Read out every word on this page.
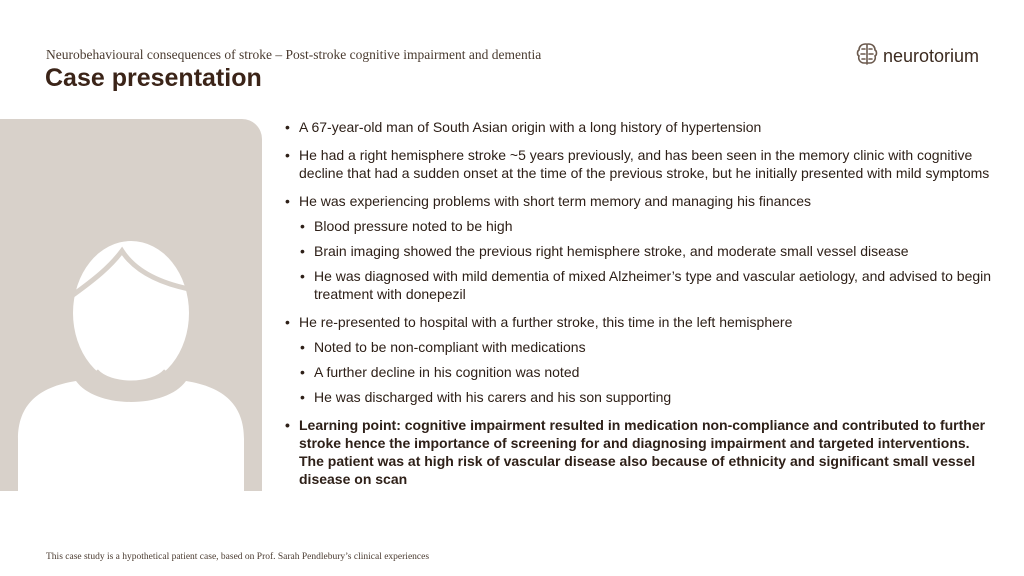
Neurobehavioural consequences of stroke – Post-stroke cognitive impairment and dementia
Case presentation
neurotorium
• A 67-year-old man of South Asian origin with a long history of hypertension
• He had a right hemisphere stroke ~5 years previously, and has been seen in the memory clinic with cognitive decline that had a sudden onset at the time of the previous stroke, but he initially presented with mild symptoms
• He was experiencing problems with short term memory and managing his finances
• Blood pressure noted to be high
• Brain imaging showed the previous right hemisphere stroke, and moderate small vessel disease
• He was diagnosed with mild dementia of mixed Alzheimer’s type and vascular aetiology, and advised to begin treatment with donepezil
• He re-presented to hospital with a further stroke, this time in the left hemisphere
• Noted to be non-compliant with medications
• A further decline in his cognition was noted
• He was discharged with his carers and his son supporting
• Learning point: cognitive impairment resulted in medication non-compliance and contributed to further stroke hence the importance of screening for and diagnosing impairment and targeted interventions. The patient was at high risk of vascular disease also because of ethnicity and significant small vessel disease on scan
This case study is a hypothetical patient case, based on Prof. Sarah Pendlebury’s clinical experiences
